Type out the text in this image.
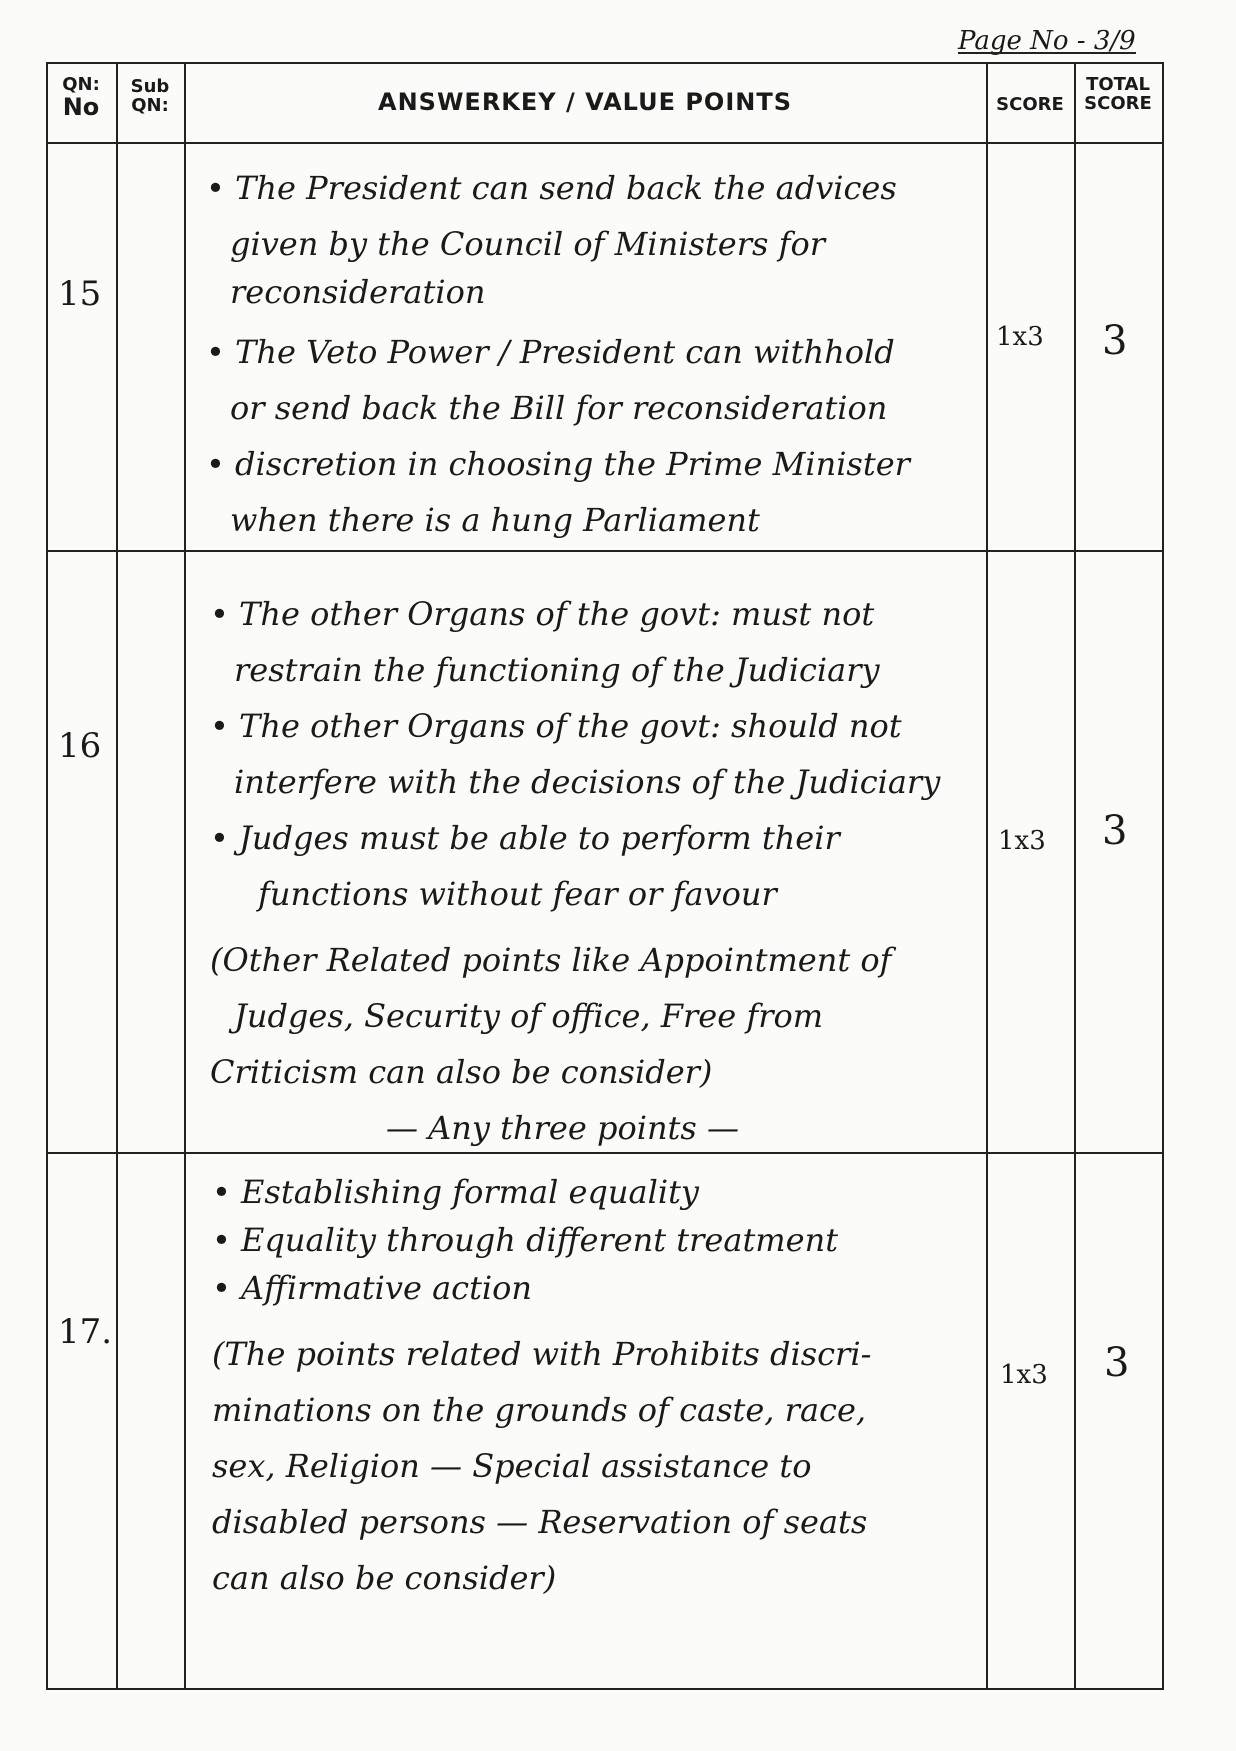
Page No - 3/9
QN:
No
Sub
QN:	ANSWERKEY / VALUE POINTS	SCORE
TOTAL
SCORE
15
• The President can send back the advices
given by the Council of Ministers for
reconsideration
• The Veto Power / President can withhold
or send back the Bill for reconsideration
• discretion in choosing the Prime Minister
when there is a hung Parliament
1x3 3
16
• The other Organs of the govt: must not
restrain the functioning of the Judiciary
• The other Organs of the govt: should not
interfere with the decisions of the Judiciary
• Judges must be able to perform their
functions without fear or favour
(Other Related points like Appointment of
Judges, Security of office, Free from
Criticism can also be consider)
— Any three points —
1x3 3
17.
• Establishing formal equality
• Equality through different treatment
• Affirmative action
(The points related with Prohibits discri-
minations on the grounds of caste, race,
sex, Religion — Special assistance to
disabled persons — Reservation of seats
can also be consider)
1x3 3
